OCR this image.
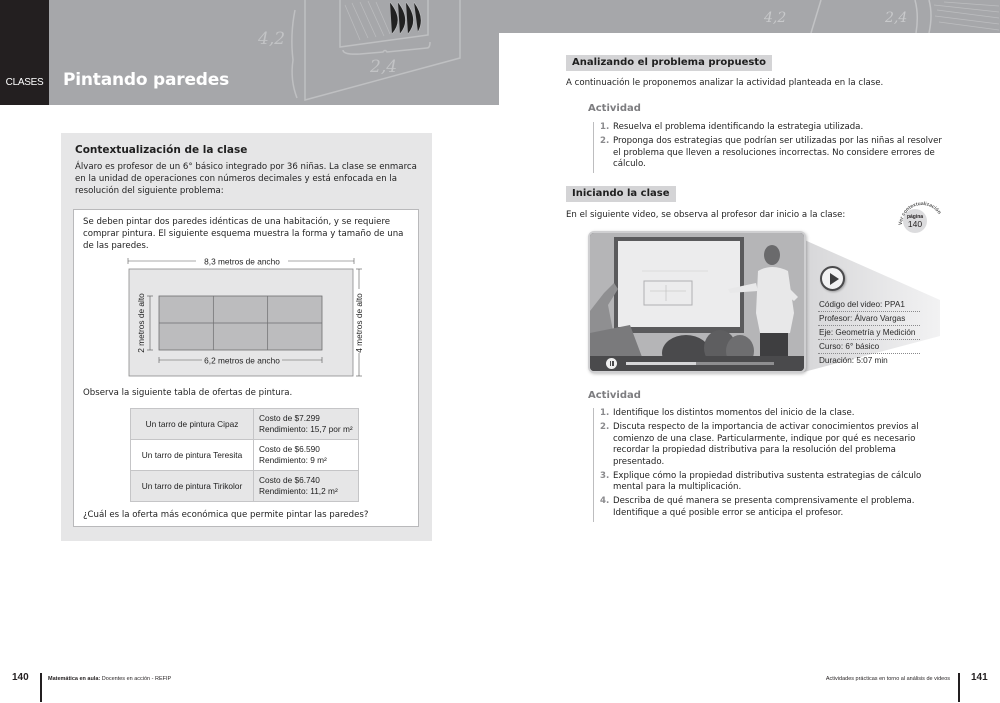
4,2
2,4
CLASES	Pintando paredes
4,2	2,4
Contextualización de la clase
Álvaro es profesor de un 6° básico integrado por 36 niñas. La clase se enmarca en la unidad de operaciones con números decimales y está enfocada en la resolución del siguiente problema:
Se deben pintar dos paredes idénticas de una habitación, y se requiere comprar pintura. El siguiente esquema muestra la forma y tamaño de una de las paredes.
8,3 metros de ancho
4 metros de alto
2 metros de alto
6,2 metros de ancho
Observa la siguiente tabla de ofertas de pintura.
Un tarro de pintura Cipaz	Costo de $7.299
Rendimiento: 15,7 por m²

Un tarro de pintura Teresita	Costo de $6.590
Rendimiento: 9 m²

Un tarro de pintura Tirikolor	Costo de $6.740
Rendimiento: 11,2 m²
¿Cuál es la oferta más económica que permite pintar las paredes?
Analizando el problema propuesto
A continuación le proponemos analizar la actividad planteada en la clase.
Actividad
1. Resuelva el problema identificando la estrategia utilizada.
2. Proponga dos estrategias que podrían ser utilizadas por las niñas al resolver el problema que lleven a resoluciones incorrectas. No considere errores de cálculo.
Iniciando la clase
En el siguiente video, se observa al profesor dar inicio a la clase:
Ver contextualización
página
140
Código del video: PPA1
Profesor: Álvaro Vargas
Eje: Geometría y Medición
Curso: 6° básico
Duración: 5:07 min
Actividad
1. Identifique los distintos momentos del inicio de la clase.
2. Discuta respecto de la importancia de activar conocimientos previos al comienzo de una clase. Particularmente, indique por qué es necesario recordar la propiedad distributiva para la resolución del problema presentado.
3. Explique cómo la propiedad distributiva sustenta estrategias de cálculo mental para la multiplicación.
4. Describa de qué manera se presenta comprensivamente el problema. Identifique a qué posible error se anticipa el profesor.
140	Matemática en aula: Docentes en acción - REFIP	Actividades prácticas en torno al análisis de videos 141
